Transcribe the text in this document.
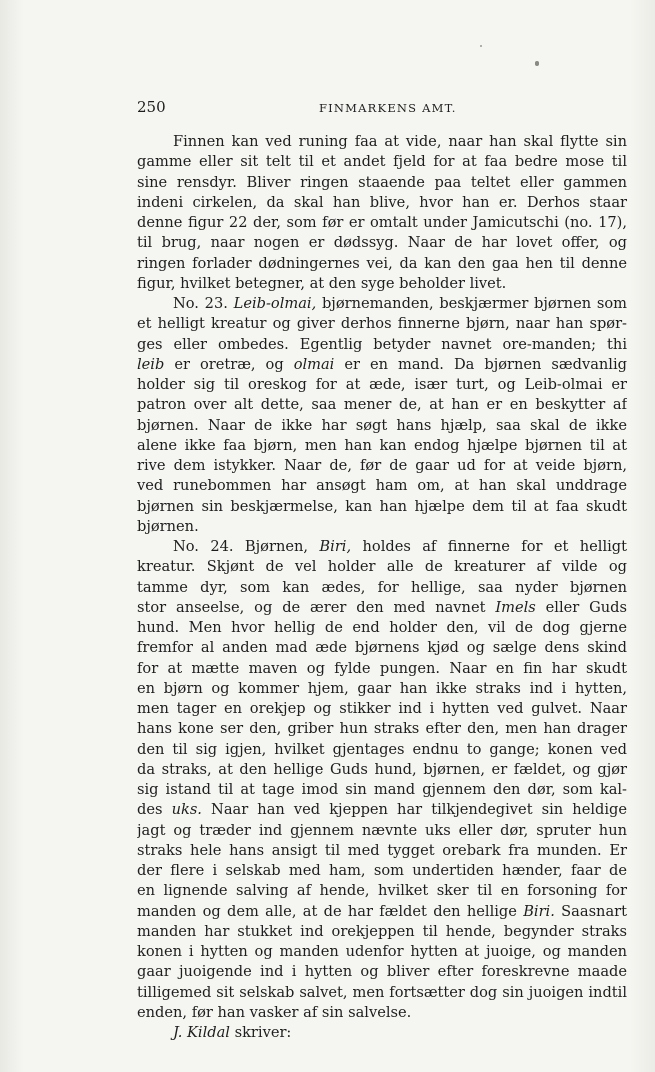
250	FINMARKENS AMT.
Finnen kan ved runing faa at vide, naar han skal flytte sin
gamme eller sit telt til et andet fjeld for at faa bedre mose til
sine rensdyr. Bliver ringen staaende paa teltet eller gammen
indeni cirkelen, da skal han blive, hvor han er. Derhos staar
denne figur 22 der, som før er omtalt under Jamicutschi (no. 17),
til brug, naar nogen er dødssyg. Naar de har lovet offer, og
ringen forlader dødningernes vei, da kan den gaa hen til denne
figur, hvilket betegner, at den syge beholder livet.
No. 23. Leib-olmai, bjørnemanden, beskjærmer bjørnen som
et helligt kreatur og giver derhos finnerne bjørn, naar han spør-
ges eller ombedes. Egentlig betyder navnet ore-manden; thi
leib er oretræ, og olmai er en mand. Da bjørnen sædvanlig
holder sig til oreskog for at æde, især turt, og Leib-olmai er
patron over alt dette, saa mener de, at han er en beskytter af
bjørnen. Naar de ikke har søgt hans hjælp, saa skal de ikke
alene ikke faa bjørn, men han kan endog hjælpe bjørnen til at
rive dem istykker. Naar de, før de gaar ud for at veide bjørn,
ved runebommen har ansøgt ham om, at han skal unddrage
bjørnen sin beskjærmelse, kan han hjælpe dem til at faa skudt
bjørnen.
No. 24. Bjørnen, Biri, holdes af finnerne for et helligt
kreatur. Skjønt de vel holder alle de kreaturer af vilde og
tamme dyr, som kan ædes, for hellige, saa nyder bjørnen
stor anseelse, og de ærer den med navnet Imels eller Guds
hund. Men hvor hellig de end holder den, vil de dog gjerne
fremfor al anden mad æde bjørnens kjød og sælge dens skind
for at mætte maven og fylde pungen. Naar en fin har skudt
en bjørn og kommer hjem, gaar han ikke straks ind i hytten,
men tager en orekjep og stikker ind i hytten ved gulvet. Naar
hans kone ser den, griber hun straks efter den, men han drager
den til sig igjen, hvilket gjentages endnu to gange; konen ved
da straks, at den hellige Guds hund, bjørnen, er fældet, og gjør
sig istand til at tage imod sin mand gjennem den dør, som kal-
des uks. Naar han ved kjeppen har tilkjendegivet sin heldige
jagt og træder ind gjennem nævnte uks eller dør, spruter hun
straks hele hans ansigt til med tygget orebark fra munden. Er
der flere i selskab med ham, som undertiden hænder, faar de
en lignende salving af hende, hvilket sker til en forsoning for
manden og dem alle, at de har fældet den hellige Biri. Saasnart
manden har stukket ind orekjeppen til hende, begynder straks
konen i hytten og manden udenfor hytten at juoige, og manden
gaar juoigende ind i hytten og bliver efter foreskrevne maade
tilligemed sit selskab salvet, men fortsætter dog sin juoigen indtil
enden, før han vasker af sin salvelse.
J. Kildal skriver:
